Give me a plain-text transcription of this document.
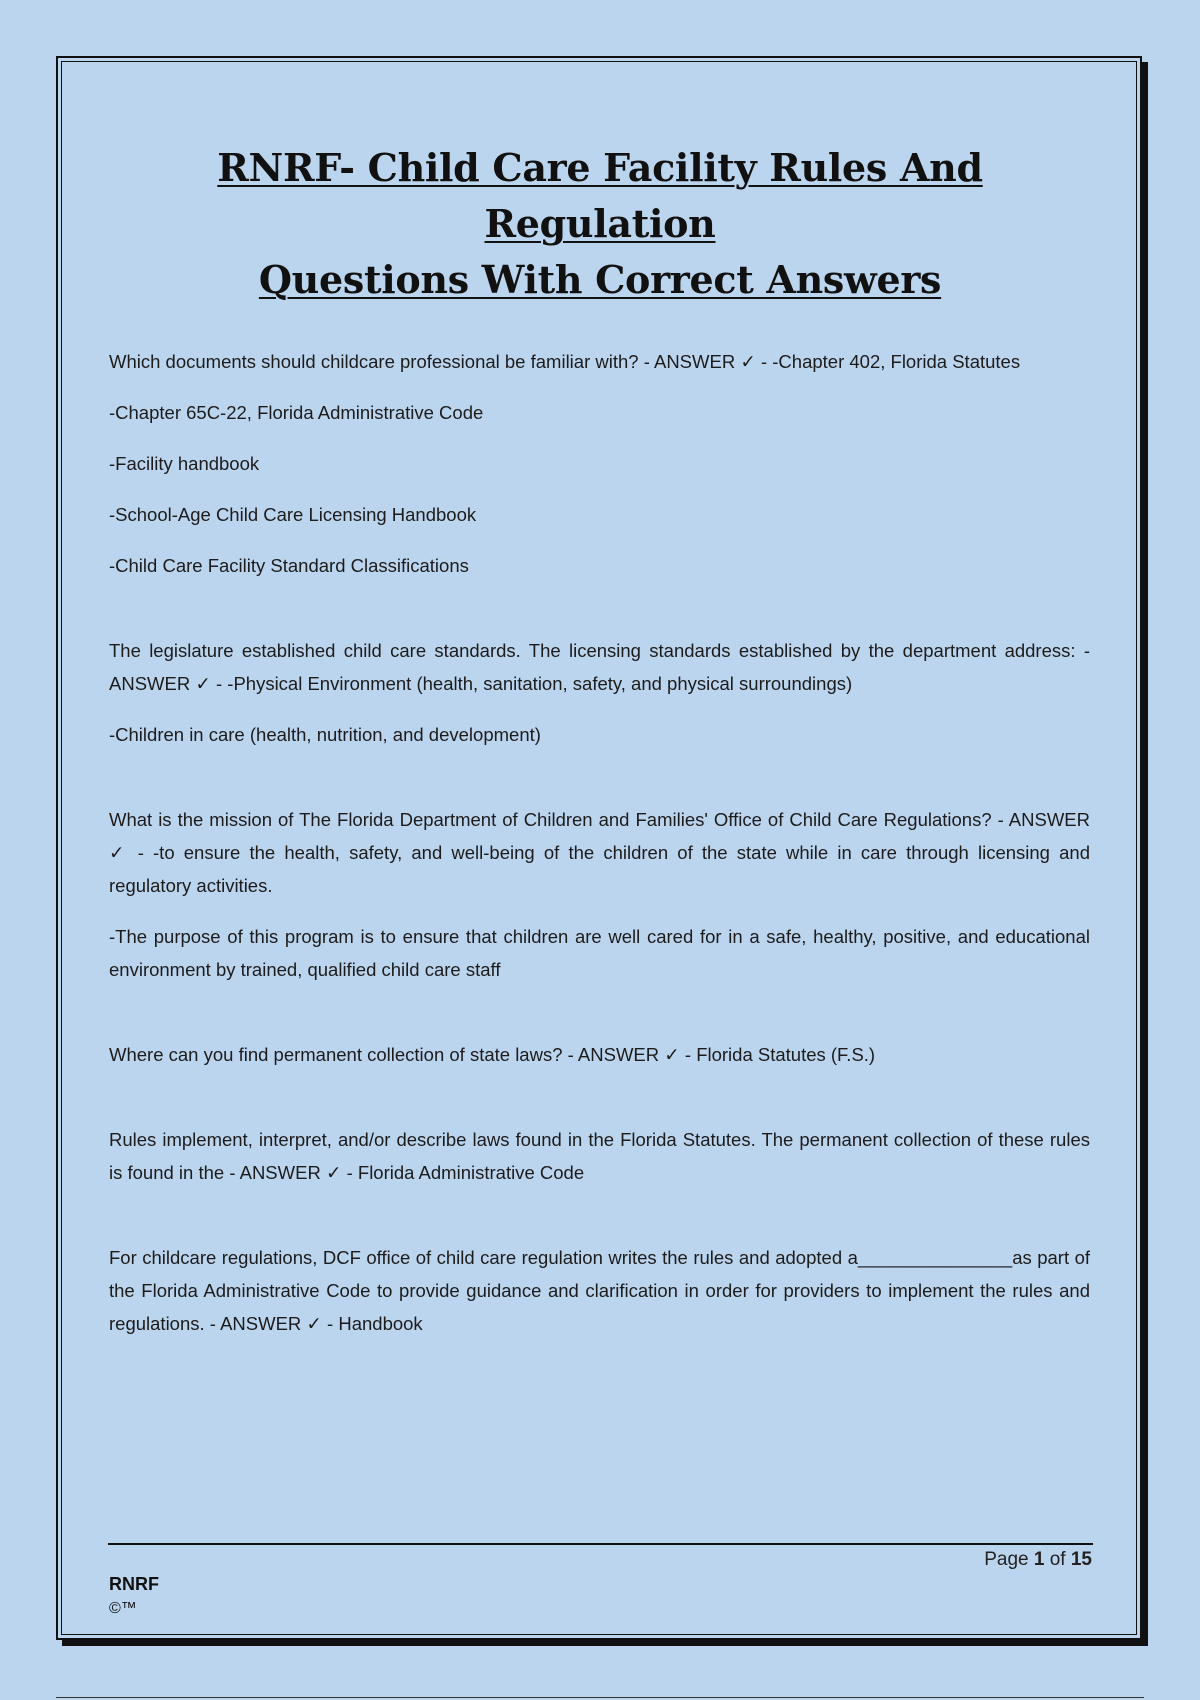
RNRF- Child Care Facility Rules And Regulation
Questions With Correct Answers

Which documents should childcare professional be familiar with? - ANSWER ✓ - -Chapter 402, Florida Statutes

-Chapter 65C-22, Florida Administrative Code

-Facility handbook

-School-Age Child Care Licensing Handbook

-Child Care Facility Standard Classifications

The legislature established child care standards. The licensing standards established by the department address: - ANSWER ✓ - -Physical Environment (health, sanitation, safety, and physical surroundings)

-Children in care (health, nutrition, and development)

What is the mission of The Florida Department of Children and Families' Office of Child Care Regulations? - ANSWER ✓ - -to ensure the health, safety, and well-being of the children of the state while in care through licensing and regulatory activities.

-The purpose of this program is to ensure that children are well cared for in a safe, healthy, positive, and educational environment by trained, qualified child care staff

Where can you find permanent collection of state laws? - ANSWER ✓ - Florida Statutes (F.S.)

Rules implement, interpret, and/or describe laws found in the Florida Statutes. The permanent collection of these rules is found in the - ANSWER ✓ - Florida Administrative Code

For childcare regulations, DCF office of child care regulation writes the rules and adopted a_______________as part of the Florida Administrative Code to provide guidance and clarification in order for providers to implement the rules and regulations. - ANSWER ✓ - Handbook

Page 1 of 15
RNRF
©™
